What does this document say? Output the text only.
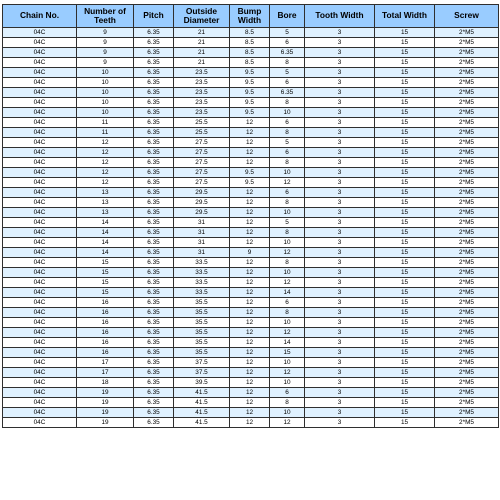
Chain No.	Number of Teeth	Pitch	Outside Diameter	Bump Width	Bore	Tooth Width	Total Width	Screw
04C	9	6.35	21	8.5	5	3	15	2*M5
04C	9	6.35	21	8.5	6	3	15	2*M5
04C	9	6.35	21	8.5	6.35	3	15	2*M5
04C	9	6.35	21	8.5	8	3	15	2*M5
04C	10	6.35	23.5	9.5	5	3	15	2*M5
04C	10	6.35	23.5	9.5	6	3	15	2*M5
04C	10	6.35	23.5	9.5	6.35	3	15	2*M5
04C	10	6.35	23.5	9.5	8	3	15	2*M5
04C	10	6.35	23.5	9.5	10	3	15	2*M5
04C	11	6.35	25.5	12	6	3	15	2*M5
04C	11	6.35	25.5	12	8	3	15	2*M5
04C	12	6.35	27.5	12	5	3	15	2*M5
04C	12	6.35	27.5	12	6	3	15	2*M5
04C	12	6.35	27.5	12	8	3	15	2*M5
04C	12	6.35	27.5	9.5	10	3	15	2*M5
04C	12	6.35	27.5	9.5	12	3	15	2*M5
04C	13	6.35	29.5	12	6	3	15	2*M5
04C	13	6.35	29.5	12	8	3	15	2*M5
04C	13	6.35	29.5	12	10	3	15	2*M5
04C	14	6.35	31	12	5	3	15	2*M5
04C	14	6.35	31	12	8	3	15	2*M5
04C	14	6.35	31	12	10	3	15	2*M5
04C	14	6.35	31	9	12	3	15	2*M5
04C	15	6.35	33.5	12	8	3	15	2*M5
04C	15	6.35	33.5	12	10	3	15	2*M5
04C	15	6.35	33.5	12	12	3	15	2*M5
04C	15	6.35	33.5	12	14	3	15	2*M5
04C	16	6.35	35.5	12	6	3	15	2*M5
04C	16	6.35	35.5	12	8	3	15	2*M5
04C	16	6.35	35.5	12	10	3	15	2*M5
04C	16	6.35	35.5	12	12	3	15	2*M5
04C	16	6.35	35.5	12	14	3	15	2*M5
04C	16	6.35	35.5	12	15	3	15	2*M5
04C	17	6.35	37.5	12	10	3	15	2*M5
04C	17	6.35	37.5	12	12	3	15	2*M5
04C	18	6.35	39.5	12	10	3	15	2*M5
04C	19	6.35	41.5	12	6	3	15	2*M5
04C	19	6.35	41.5	12	8	3	15	2*M5
04C	19	6.35	41.5	12	10	3	15	2*M5
04C	19	6.35	41.5	12	12	3	15	2*M5
